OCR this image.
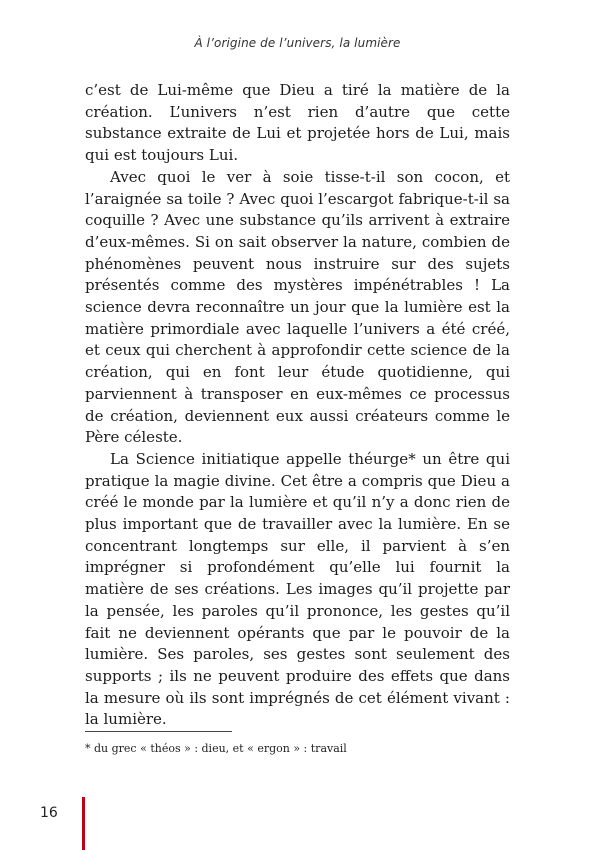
À l’origine de l’univers, la lumière

c’est de Lui-même que Dieu a tiré la matière de la création. L’univers n’est rien d’autre que cette substance extraite de Lui et projetée hors de Lui, mais qui est toujours Lui.

Avec quoi le ver à soie tisse-t-il son cocon, et l’araignée sa toile ? Avec quoi l’escargot fabrique-t-il sa coquille ? Avec une substance qu’ils arrivent à extraire d’eux-mêmes. Si on sait observer la nature, combien de phénomènes peuvent nous instruire sur des sujets présentés comme des mystères impénétrables ! La science devra reconnaître un jour que la lumière est la matière primordiale avec laquelle l’univers a été créé, et ceux qui cherchent à approfondir cette science de la création, qui en font leur étude quotidienne, qui parviennent à transposer en eux-mêmes ce processus de création, deviennent eux aussi créateurs comme le Père céleste.

La Science initiatique appelle théurge* un être qui pratique la magie divine. Cet être a compris que Dieu a créé le monde par la lumière et qu’il n’y a donc rien de plus important que de travailler avec la lumière. En se concentrant longtemps sur elle, il parvient à s’en imprégner si profondément qu’elle lui fournit la matière de ses créations. Les images qu’il projette par la pensée, les paroles qu’il prononce, les gestes qu’il fait ne deviennent opérants que par le pouvoir de la lumière. Ses paroles, ses gestes sont seulement des supports ; ils ne peuvent produire des effets que dans la mesure où ils sont imprégnés de cet élément vivant : la lumière.

* du grec « théos » : dieu, et « ergon » : travail
16
